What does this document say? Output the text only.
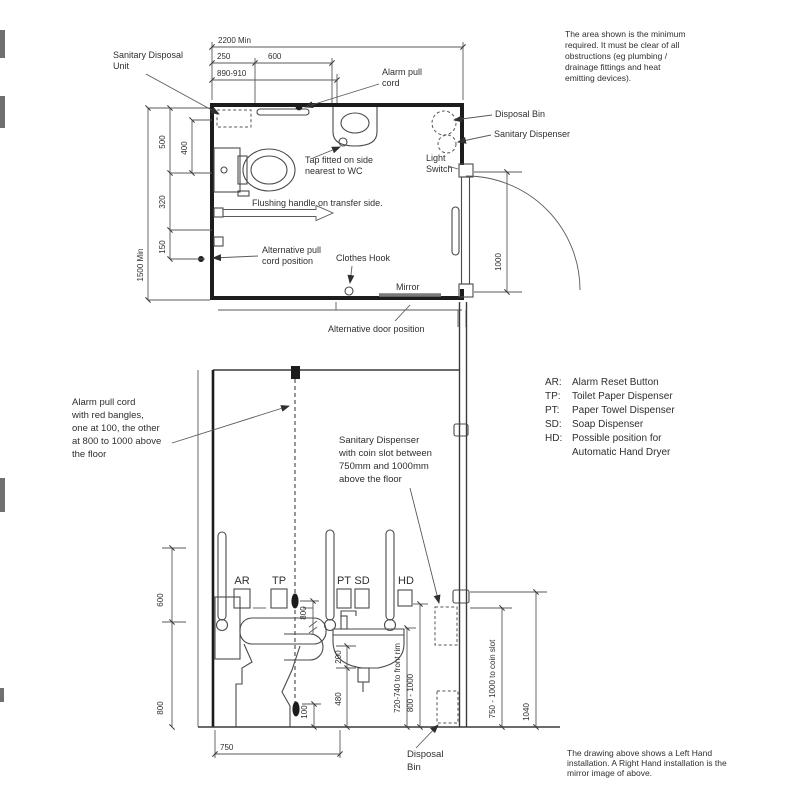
1000
2200 Min
250	600
890-910
1500 Min
500
320
150
400
Sanitary Disposal
Unit
Alarm pull
cord
Disposal Bin
Sanitary Dispenser
Light
Switch
Tap fitted on side
nearest to WC
Flushing handle on transfer side.
Alternative pull
cord position	Clothes Hook
Mirror
Alternative door position
The area shown is the minimum
required. It must be clear of all
obstructions (eg plumbing /
drainage fittings and heat
emitting devices).
AR TP	PT SD	HD
600
800
800
100
200
480	720-740 to front rim 800 - 1000	750 - 1000 to coin slot	1040
750
Alarm pull cord
with red bangles,
one at 100, the other
at 800 to 1000 above
the floor
Sanitary Dispenser
with coin slot between
750mm and 1000mm
above the floor
Disposal
Bin
The drawing above shows a Left Hand
installation. A Right Hand installation is the
mirror image of above.
AR: Alarm Reset Button
TP: Toilet Paper Dispenser
PT: Paper Towel Dispenser
SD: Soap Dispenser
HD: Possible position for
Automatic Hand Dryer
